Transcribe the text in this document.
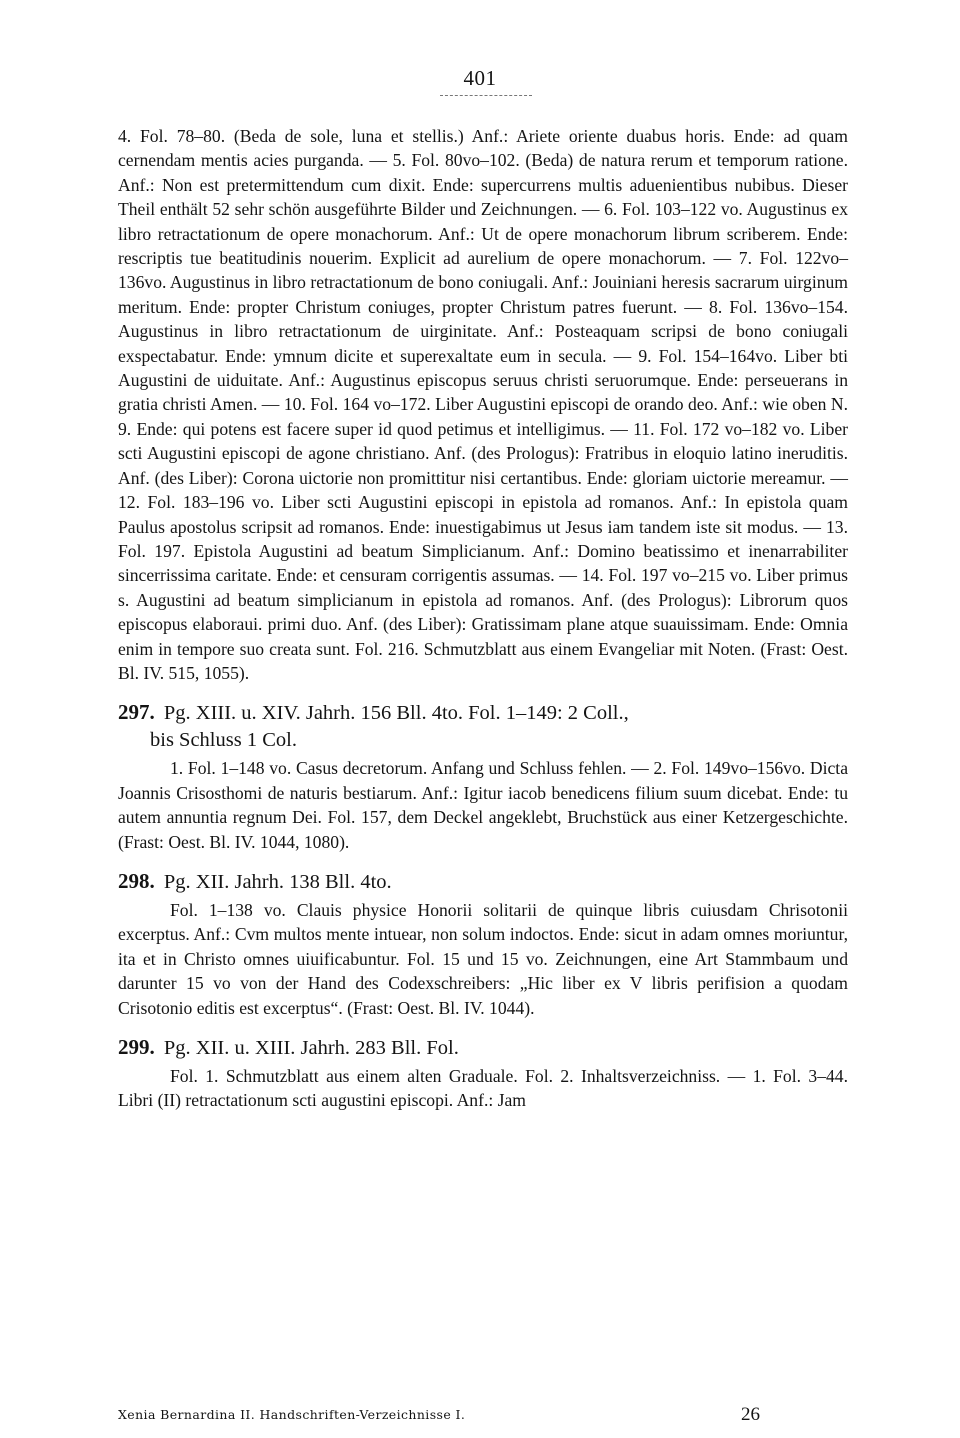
401

4. Fol. 78–80. (Beda de sole, luna et stellis.) Anf.: Ariete oriente duabus horis. Ende: ad quam cernendam mentis acies purganda. — 5. Fol. 80vo–102. (Beda) de natura rerum et temporum ratione. Anf.: Non est pretermittendum cum dixit. Ende: supercurrens multis aduenientibus nubibus. Dieser Theil enthält 52 sehr schön ausgeführte Bilder und Zeichnungen. — 6. Fol. 103–122 vo. Augustinus ex libro retractationum de opere monachorum. Anf.: Ut de opere monachorum librum scriberem. Ende: rescriptis tue beatitudinis nouerim. Explicit ad aurelium de opere monachorum. — 7. Fol. 122vo–136vo. Augustinus in libro retractationum de bono coniugali. Anf.: Jouiniani heresis sacrarum uirginum meritum. Ende: propter Christum coniuges, propter Christum patres fuerunt. — 8. Fol. 136vo–154. Augustinus in libro retractationum de uirginitate. Anf.: Posteaquam scripsi de bono coniugali exspectabatur. Ende: ymnum dicite et superexaltate eum in secula. — 9. Fol. 154–164vo. Liber bti Augustini de uiduitate. Anf.: Augustinus episcopus seruus christi seruorumque. Ende: perseuerans in gratia christi Amen. — 10. Fol. 164 vo–172. Liber Augustini episcopi de orando deo. Anf.: wie oben N. 9. Ende: qui potens est facere super id quod petimus et intelligimus. — 11. Fol. 172 vo–182 vo. Liber scti Augustini episcopi de agone christiano. Anf. (des Prologus): Fratribus in eloquio latino ineruditis. Anf. (des Liber): Corona uictorie non promittitur nisi certantibus. Ende: gloriam uictorie mereamur. — 12. Fol. 183–196 vo. Liber scti Augustini episcopi in epistola ad romanos. Anf.: In epistola quam Paulus apostolus scripsit ad romanos. Ende: inuestigabimus ut Jesus iam tandem iste sit modus. — 13. Fol. 197. Epistola Augustini ad beatum Simplicianum. Anf.: Domino beatissimo et inenarrabiliter sincerrissima caritate. Ende: et censuram corrigentis assumas. — 14. Fol. 197 vo–215 vo. Liber primus s. Augustini ad beatum simplicianum in epistola ad romanos. Anf. (des Prologus): Librorum quos episcopus elaboraui. primi duo. Anf. (des Liber): Gratissimam plane atque suauissimam. Ende: Omnia enim in tempore suo creata sunt. Fol. 216. Schmutzblatt aus einem Evangeliar mit Noten. (Frast: Oest. Bl. IV. 515, 1055).

297. Pg. XIII. u. XIV. Jahrh. 156 Bll. 4to. Fol. 1–149: 2 Coll.,
bis Schluss 1 Col.

1. Fol. 1–148 vo. Casus decretorum. Anfang und Schluss fehlen. — 2. Fol. 149vo–156vo. Dicta Joannis Crisosthomi de naturis bestiarum. Anf.: Igitur iacob benedicens filium suum dicebat. Ende: tu autem annuntia regnum Dei. Fol. 157, dem Deckel angeklebt, Bruchstück aus einer Ketzergeschichte. (Frast: Oest. Bl. IV. 1044, 1080).

298. Pg. XII. Jahrh. 138 Bll. 4to.

Fol. 1–138 vo. Clauis physice Honorii solitarii de quinque libris cuiusdam Chrisotonii excerptus. Anf.: Cvm multos mente intuear, non solum indoctos. Ende: sicut in adam omnes moriuntur, ita et in Christo omnes uiuificabuntur. Fol. 15 und 15 vo. Zeichnungen, eine Art Stammbaum und darunter 15 vo von der Hand des Codexschreibers: „Hic liber ex V libris perifision a quodam Crisotonio editis est excerptus“. (Frast: Oest. Bl. IV. 1044).

299. Pg. XII. u. XIII. Jahrh. 283 Bll. Fol.

Fol. 1. Schmutzblatt aus einem alten Graduale. Fol. 2. Inhaltsverzeichniss. — 1. Fol. 3–44. Libri (II) retractationum scti augustini episcopi. Anf.: Jam

Xenia Bernardina II. Handschriften-Verzeichnisse I.	26
